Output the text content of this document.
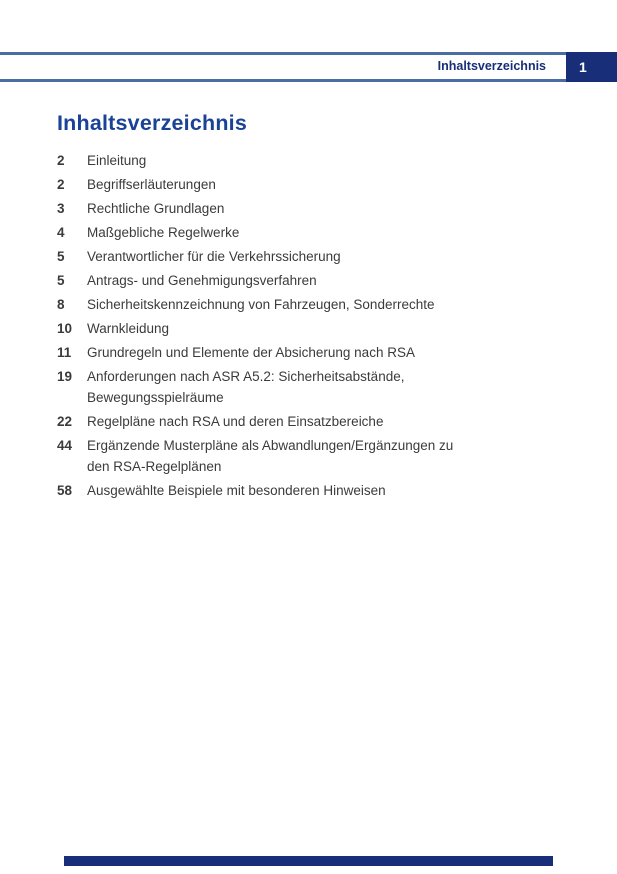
Inhaltsverzeichnis	1
Inhaltsverzeichnis
2	Einleitung
2	Begriffserläuterungen
3	Rechtliche Grundlagen
4	Maßgebliche Regelwerke
5	Verantwortlicher für die Verkehrssicherung
5	Antrags- und Genehmigungsverfahren
8	Sicherheitskennzeichnung von Fahrzeugen, Sonderrechte
10	Warnkleidung
11	Grundregeln und Elemente der Absicherung nach RSA
19	Anforderungen nach ASR A5.2: Sicherheitsabstände,
Bewegungsspielräume
22	Regelpläne nach RSA und deren Einsatzbereiche
44	Ergänzende Musterpläne als Abwandlungen/Ergänzungen zu
den RSA-Regelplänen
58	Ausgewählte Beispiele mit besonderen Hinweisen
